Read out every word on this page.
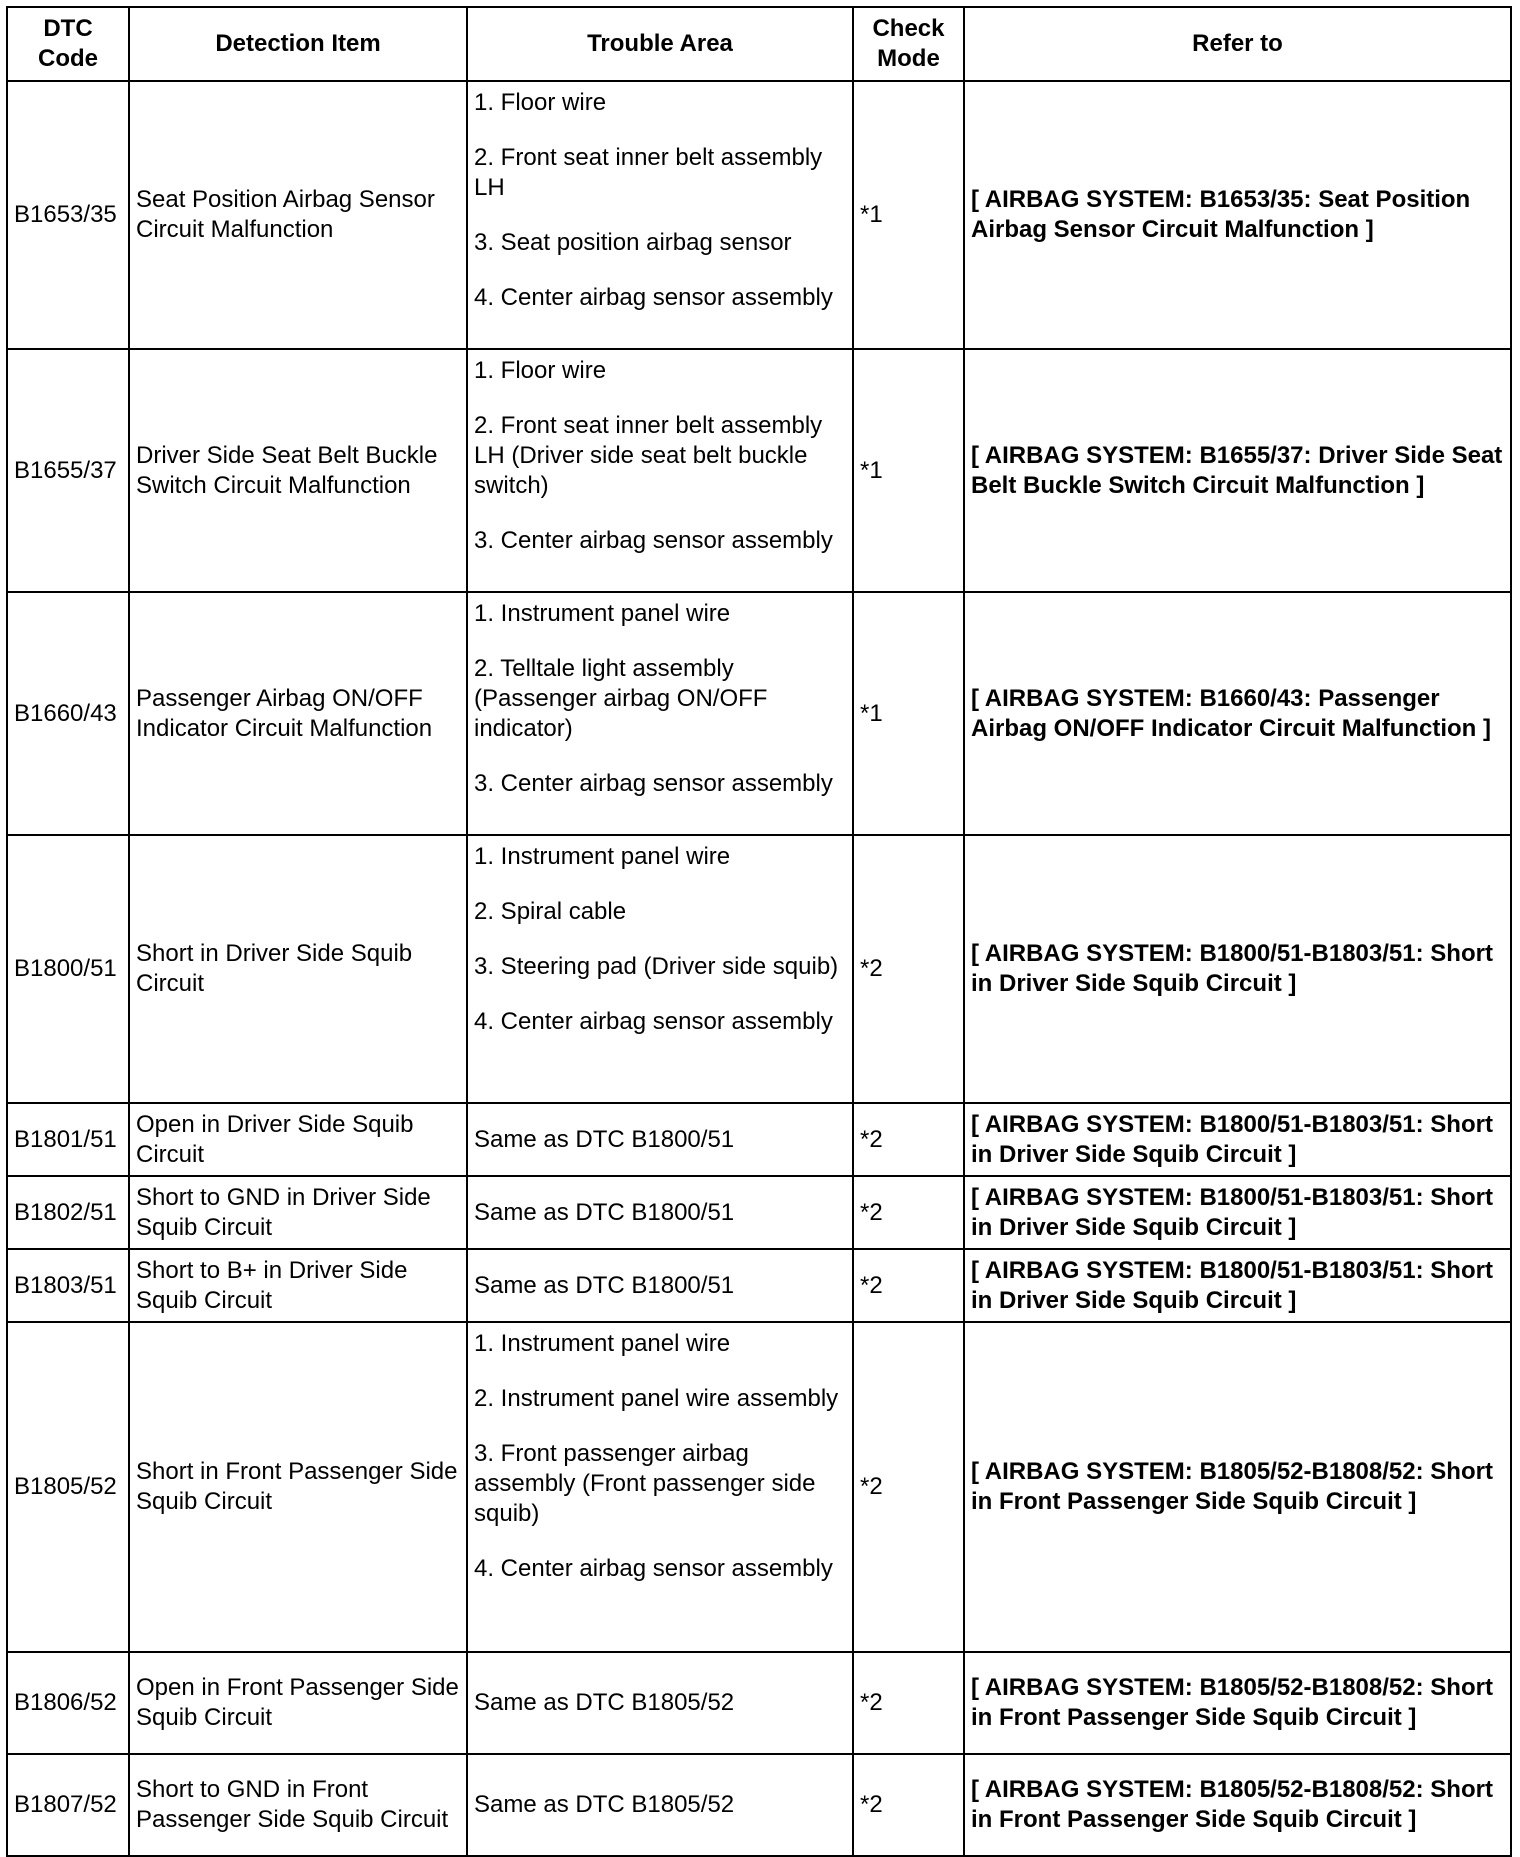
DTC Code	Detection Item	Trouble Area	Check Mode	Refer to
B1653/35	Seat Position Airbag Sensor Circuit Malfunction	1. Floor wire
2. Front seat inner belt assembly LH
3. Seat position airbag sensor
4. Center airbag sensor assembly	*1	[ AIRBAG SYSTEM: B1653/35: Seat Position Airbag Sensor Circuit Malfunction ]
B1655/37	Driver Side Seat Belt Buckle Switch Circuit Malfunction	1. Floor wire
2. Front seat inner belt assembly LH (Driver side seat belt buckle switch)
3. Center airbag sensor assembly	*1	[ AIRBAG SYSTEM: B1655/37: Driver Side Seat Belt Buckle Switch Circuit Malfunction ]
B1660/43	Passenger Airbag ON/OFF Indicator Circuit Malfunction	1. Instrument panel wire
2. Telltale light assembly (Passenger airbag ON/OFF indicator)
3. Center airbag sensor assembly	*1	[ AIRBAG SYSTEM: B1660/43: Passenger Airbag ON/OFF Indicator Circuit Malfunction ]
B1800/51	Short in Driver Side Squib Circuit	1. Instrument panel wire
2. Spiral cable
3. Steering pad (Driver side squib)
4. Center airbag sensor assembly	*2	[ AIRBAG SYSTEM: B1800/51-B1803/51: Short in Driver Side Squib Circuit ]
B1801/51	Open in Driver Side Squib Circuit	Same as DTC B1800/51	*2	[ AIRBAG SYSTEM: B1800/51-B1803/51: Short in Driver Side Squib Circuit ]
B1802/51	Short to GND in Driver Side Squib Circuit	Same as DTC B1800/51	*2	[ AIRBAG SYSTEM: B1800/51-B1803/51: Short in Driver Side Squib Circuit ]
B1803/51	Short to B+ in Driver Side Squib Circuit	Same as DTC B1800/51	*2	[ AIRBAG SYSTEM: B1800/51-B1803/51: Short in Driver Side Squib Circuit ]
B1805/52	Short in Front Passenger Side Squib Circuit	1. Instrument panel wire
2. Instrument panel wire assembly
3. Front passenger airbag assembly (Front passenger side squib)
4. Center airbag sensor assembly	*2	[ AIRBAG SYSTEM: B1805/52-B1808/52: Short in Front Passenger Side Squib Circuit ]
B1806/52	Open in Front Passenger Side Squib Circuit	Same as DTC B1805/52	*2	[ AIRBAG SYSTEM: B1805/52-B1808/52: Short in Front Passenger Side Squib Circuit ]
B1807/52	Short to GND in Front Passenger Side Squib Circuit	Same as DTC B1805/52	*2	[ AIRBAG SYSTEM: B1805/52-B1808/52: Short in Front Passenger Side Squib Circuit ]
